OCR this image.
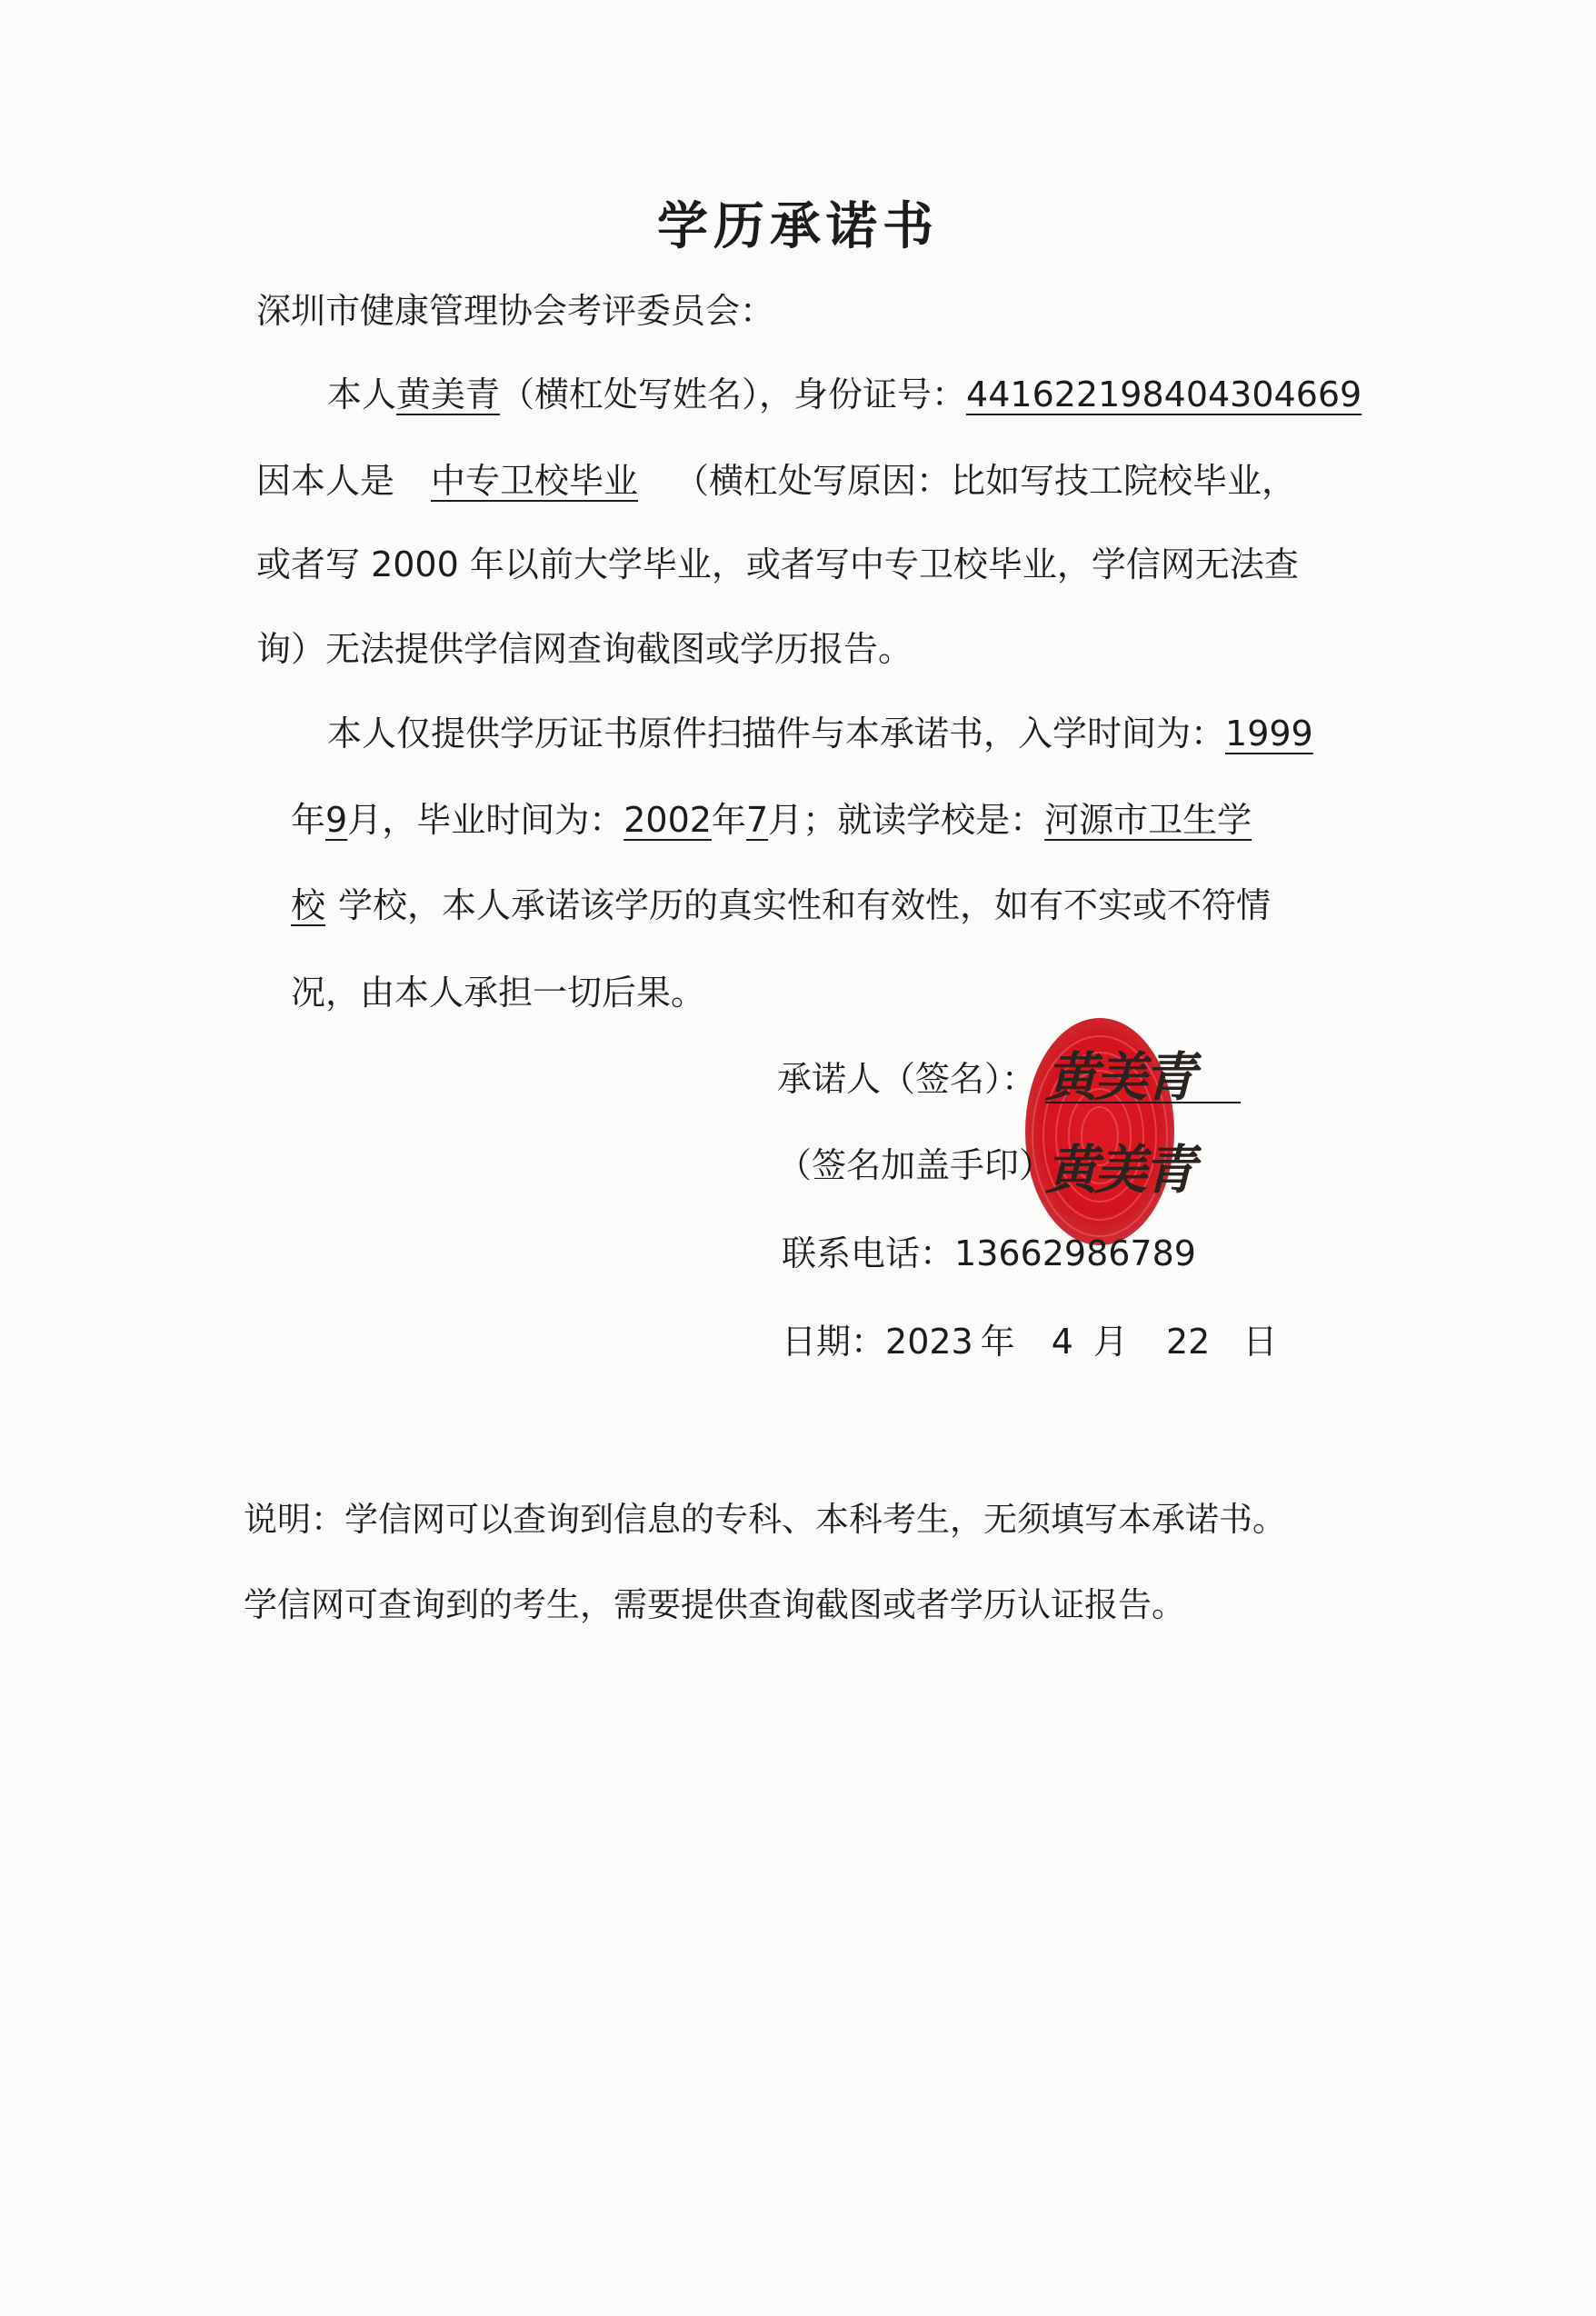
学历承诺书
深圳市健康管理协会考评委员会：
本人黄美青（横杠处写姓名），身份证号：441622198404304669
因本人是 中专卫校毕业 （横杠处写原因：比如写技工院校毕业，
或者写 2000 年以前大学毕业，或者写中专卫校毕业，学信网无法查
询）无法提供学信网查询截图或学历报告。
本人仅提供学历证书原件扫描件与本承诺书，入学时间为：1999
年9月，毕业时间为：2002年7月；就读学校是：河源市卫生学
校 学校，本人承诺该学历的真实性和有效性，如有不实或不符情
况，由本人承担一切后果。
承诺人（签名）： 黄美青
（签名加盖手印）
黄美青
联系电话：13662986789
日期：2023 年 4 月 22 日
说明：学信网可以查询到信息的专科、本科考生，无须填写本承诺书。
学信网可查询到的考生，需要提供查询截图或者学历认证报告。
